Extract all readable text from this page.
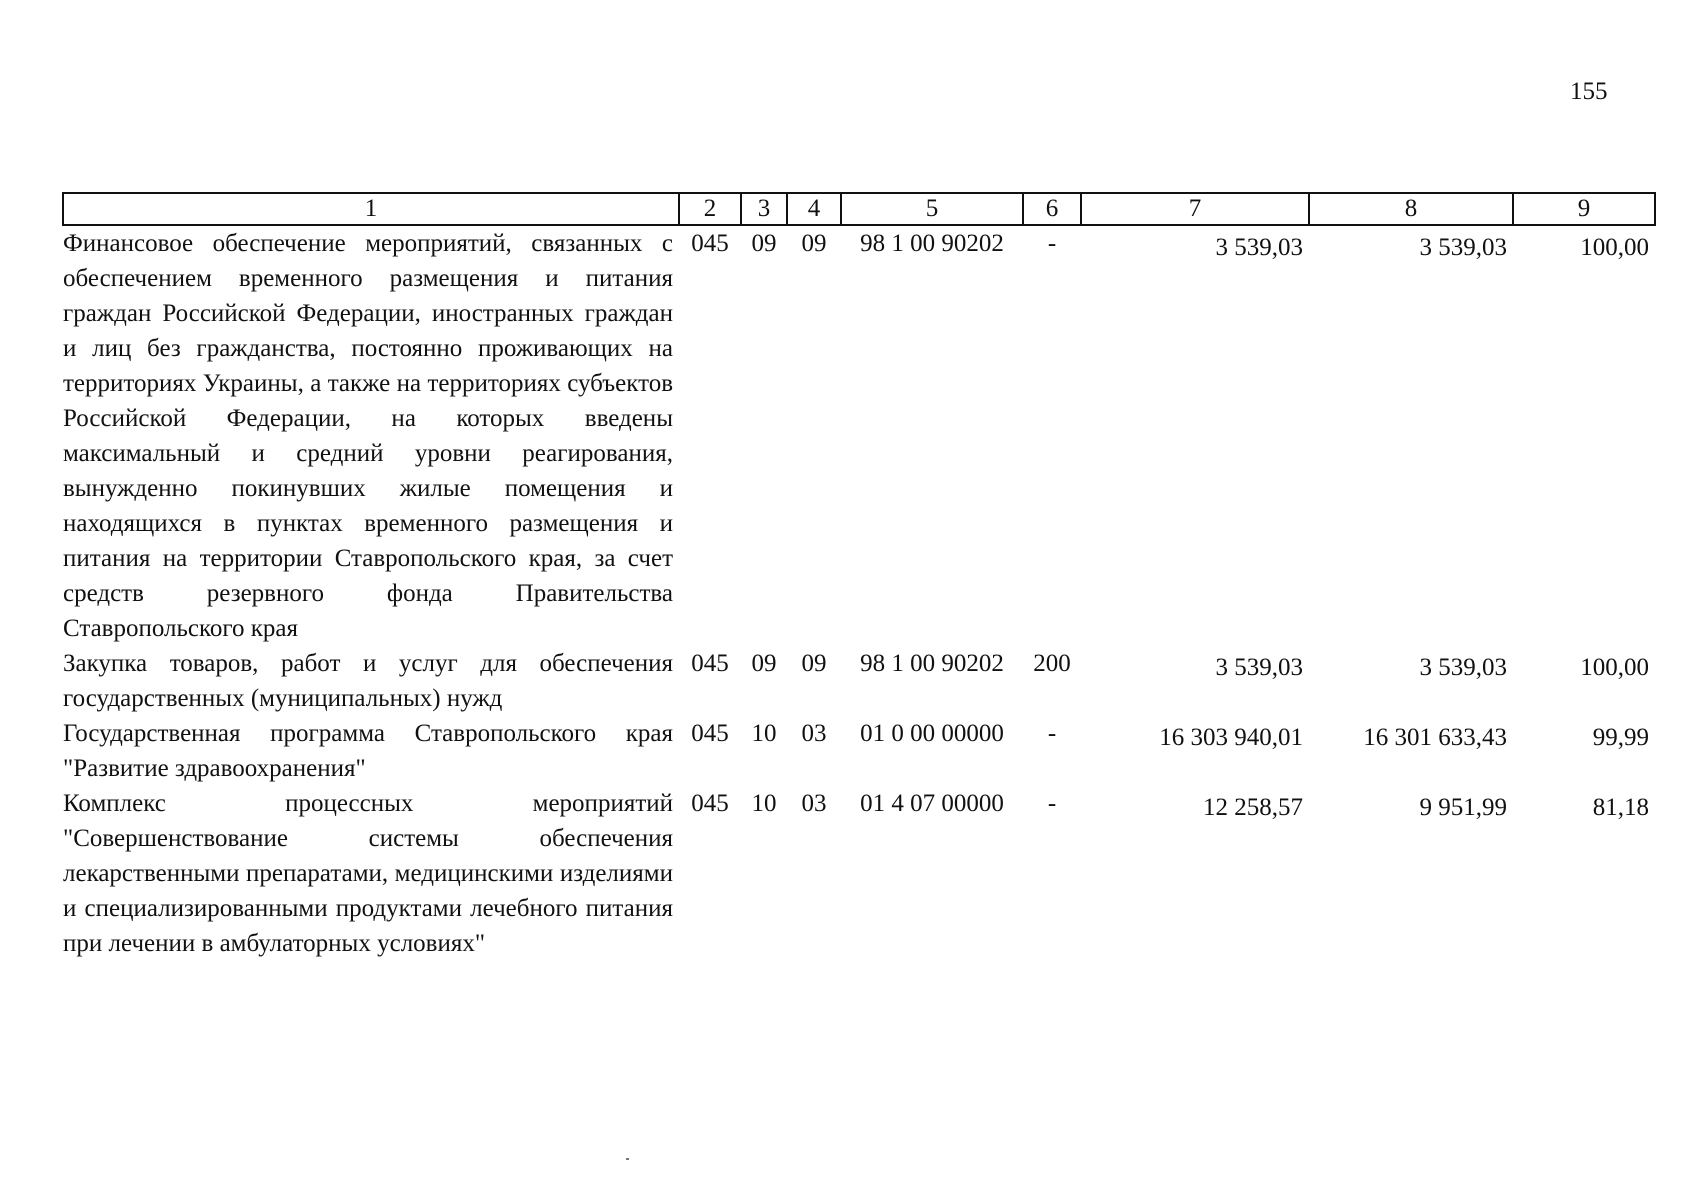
155
1	2	3	4	5	6	7	8	9
Финансовое обеспечение мероприятий, связанных с обеспечением временного размещения и питания граждан Российской Федерации, иностранных граждан и лиц без гражданства, постоянно проживающих на территориях Украины, а также на территориях субъектов Российской Федерации, на которых введены максимальный и средний уровни реагирования, вынужденно покинувших жилые помещения и находящихся в пунктах временного размещения и питания на территории Ставропольского края, за счет средств резервного фонда Правительства Ставропольского края	045	09	09	98 1 00 90202	-	3 539,03	3 539,03	100,00
Закупка товаров, работ и услуг для обеспечения государственных (муниципальных) нужд	045	09	09	98 1 00 90202	200	3 539,03	3 539,03	100,00
Государственная программа Ставропольского края "Развитие здравоохранения"	045	10	03	01 0 00 00000	-	16 303 940,01	16 301 633,43	99,99
Комплекс процессных мероприятий "Совершенствование системы обеспечения лекарственными препаратами, медицинскими изделиями и специализированными продуктами лечебного питания при лечении в амбулаторных условиях"	045	10	03	01 4 07 00000	-	12 258,57	9 951,99	81,18
